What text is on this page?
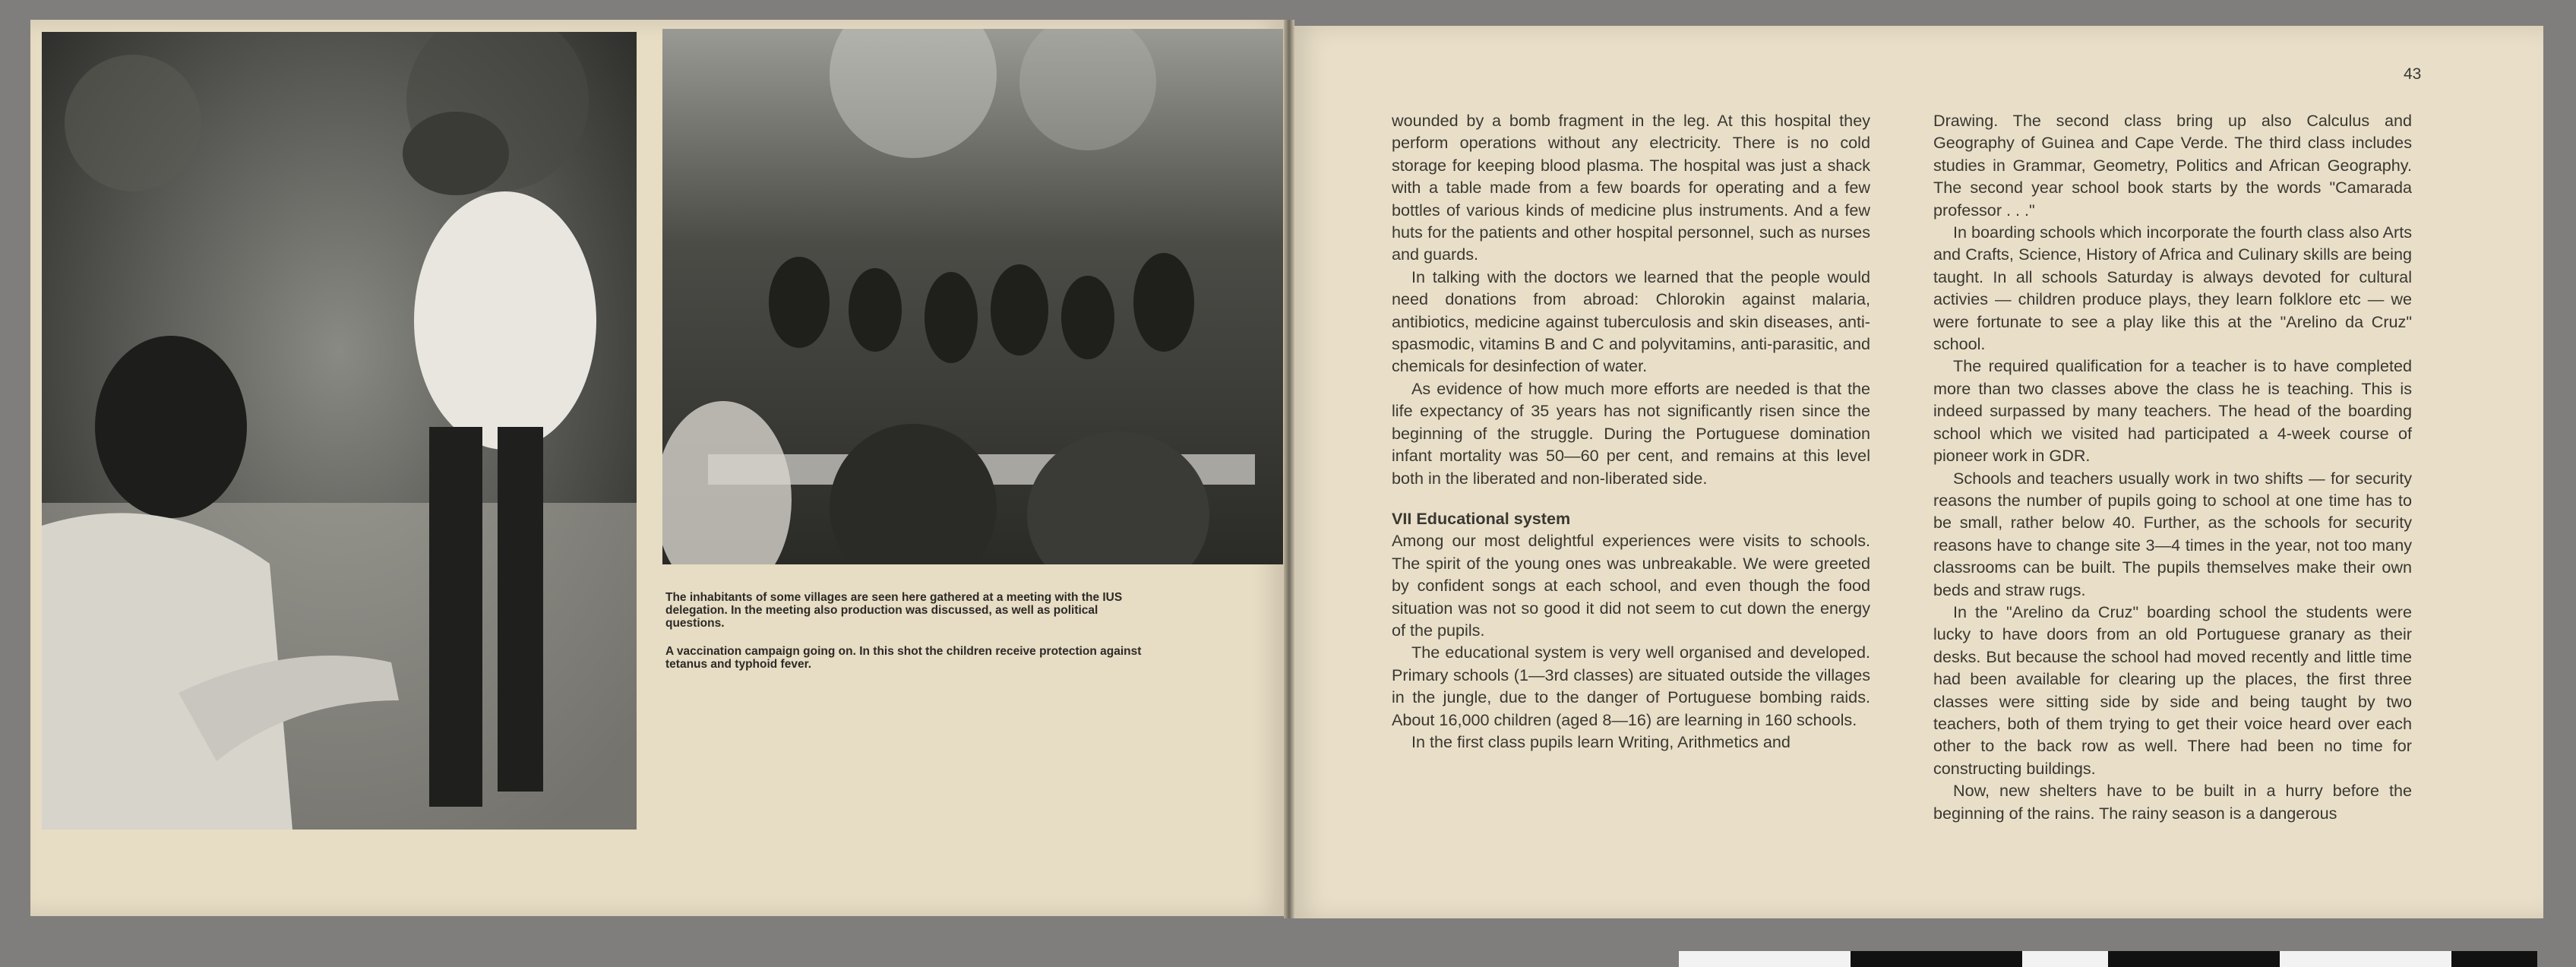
The inhabitants of some villages are seen here gathered at a meeting with the IUS delegation. In the meeting also production was discussed, as well as political questions.

A vaccination campaign going on. In this shot the children receive protection against tetanus and typhoid fever.

43

wounded by a bomb fragment in the leg. At this hospital they perform operations without any electricity. There is no cold storage for keeping blood plasma. The hospital was just a shack with a table made from a few boards for operating and a few bottles of various kinds of medicine plus instruments. And a few huts for the patients and other hospital personnel, such as nurses and guards.

In talking with the doctors we learned that the people would need donations from abroad: Chlorokin against malaria, antibiotics, medicine against tuberculosis and skin diseases, anti-spasmodic, vitamins B and C and polyvitamins, anti-parasitic, and chemicals for desinfection of water.

As evidence of how much more efforts are needed is that the life expectancy of 35 years has not significantly risen since the beginning of the struggle. During the Portuguese domination infant mortality was 50—60 per cent, and remains at this level both in the liberated and non-liberated side.

VII Educational system

Among our most delightful experiences were visits to schools. The spirit of the young ones was unbreakable. We were greeted by confident songs at each school, and even though the food situation was not so good it did not seem to cut down the energy of the pupils.

The educational system is very well organised and developed. Primary schools (1—3rd classes) are situated outside the villages in the jungle, due to the danger of Portuguese bombing raids. About 16,000 children (aged 8—16) are learning in 160 schools.

In the first class pupils learn Writing, Arithmetics and

Drawing. The second class bring up also Calculus and Geography of Guinea and Cape Verde. The third class includes studies in Grammar, Geometry, Politics and African Geography. The second year school book starts by the words "Camarada professor . . ."

In boarding schools which incorporate the fourth class also Arts and Crafts, Science, History of Africa and Culinary skills are being taught. In all schools Saturday is always devoted for cultural activies — children produce plays, they learn folklore etc — we were fortunate to see a play like this at the "Arelino da Cruz" school.

The required qualification for a teacher is to have completed more than two classes above the class he is teaching. This is indeed surpassed by many teachers. The head of the boarding school which we visited had participated a 4-week course of pioneer work in GDR.

Schools and teachers usually work in two shifts — for security reasons the number of pupils going to school at one time has to be small, rather below 40. Further, as the schools for security reasons have to change site 3—4 times in the year, not too many classrooms can be built. The pupils themselves make their own beds and straw rugs.

In the "Arelino da Cruz" boarding school the students were lucky to have doors from an old Portuguese granary as their desks. But because the school had moved recently and little time had been available for clearing up the places, the first three classes were sitting side by side and being taught by two teachers, both of them trying to get their voice heard over each other to the back row as well. There had been no time for constructing buildings.

Now, new shelters have to be built in a hurry before the beginning of the rains. The rainy season is a dangerous
